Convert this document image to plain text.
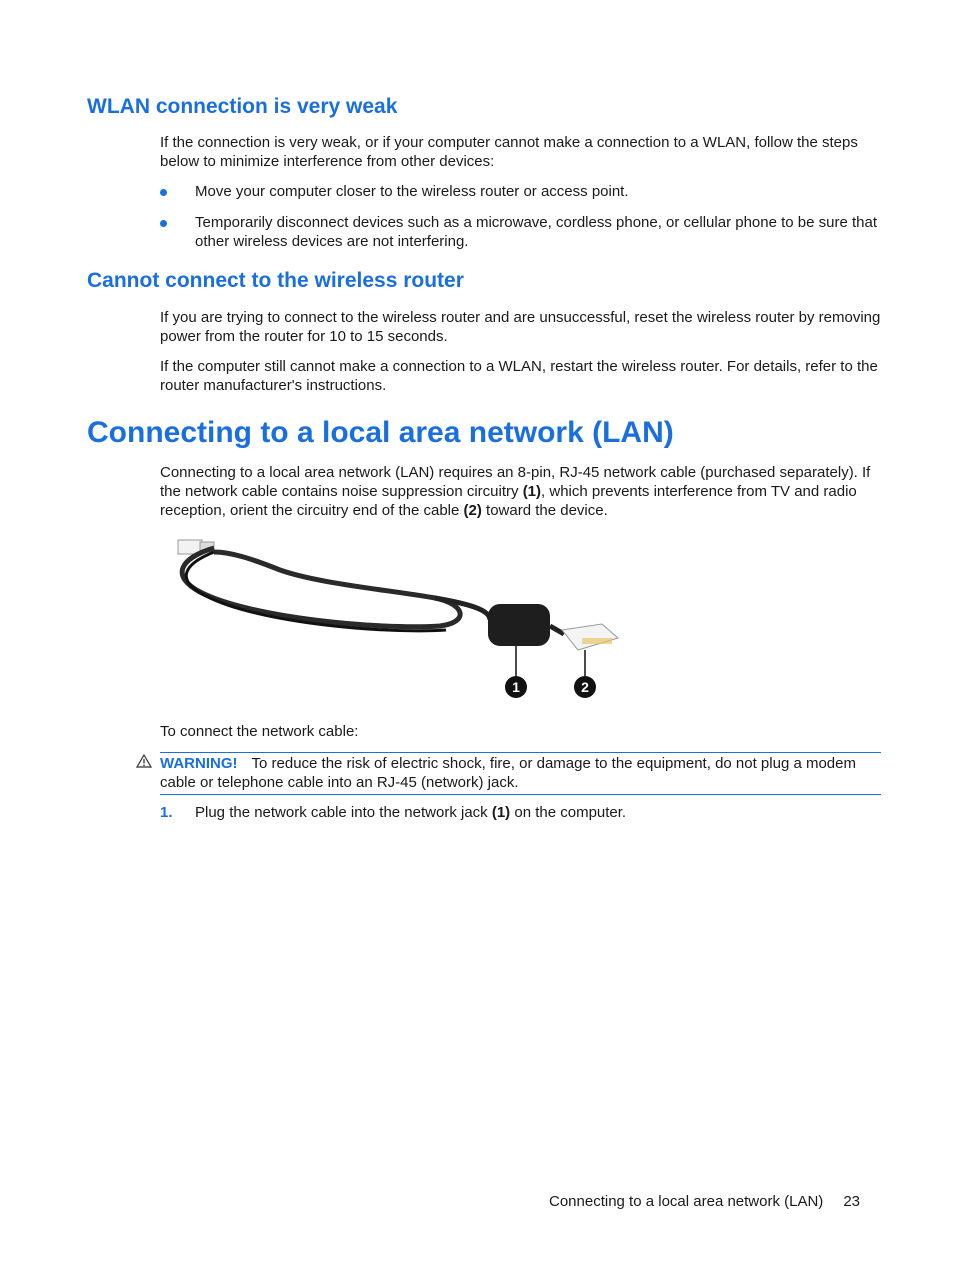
WLAN connection is very weak

If the connection is very weak, or if your computer cannot make a connection to a WLAN, follow the steps below to minimize interference from other devices:

Move your computer closer to the wireless router or access point.
Temporarily disconnect devices such as a microwave, cordless phone, or cellular phone to be sure that other wireless devices are not interfering.
Cannot connect to the wireless router

If you are trying to connect to the wireless router and are unsuccessful, reset the wireless router by removing power from the router for 10 to 15 seconds.

If the computer still cannot make a connection to a WLAN, restart the wireless router. For details, refer to the router manufacturer's instructions.

Connecting to a local area network (LAN)

Connecting to a local area network (LAN) requires an 8-pin, RJ-45 network cable (purchased separately). If the network cable contains noise suppression circuitry (1), which prevents interference from TV and radio reception, orient the circuitry end of the cable (2) toward the device.

1	2

To connect the network cable:

WARNING! To reduce the risk of electric shock, fire, or damage to the equipment, do not plug a modem cable or telephone cable into an RJ-45 (network) jack.
1. Plug the network cable into the network jack (1) on the computer.
Connecting to a local area network (LAN) 23
